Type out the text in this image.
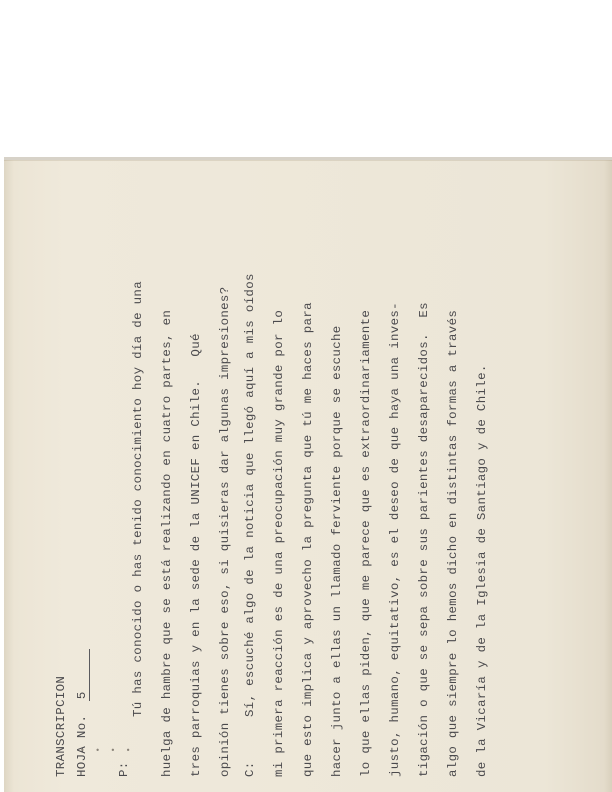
TRANSCRIPCION HOJA No.  5
P:
Tú has conocido o has tenido conocimiento hoy día de una huelga de hambre que se está realizando en cuatro partes, en tres parroquias y en la sede de la UNICEF en Chile.   Qué opinión tienes sobre eso, si quisieras dar algunas impresiones? C:
Sí, escuché algo de la noticia que llegó aquí a mis oídos mi primera reacción es de una preocupación muy grande por lo que esto implica y aprovecho la pregunta que tú me haces para hacer junto a ellas un llamado ferviente porque se escuche lo que ellas piden, que me parece que es extraordinariamente justo, humano, equitativo, es el deseo de que haya una inves- tigación o que se sepa sobre sus parientes desaparecidos.  Es algo que siempre lo hemos dicho en distintas formas a través de la Vicaría y de la Iglesia de Santiago y de Chile.
• • • •
